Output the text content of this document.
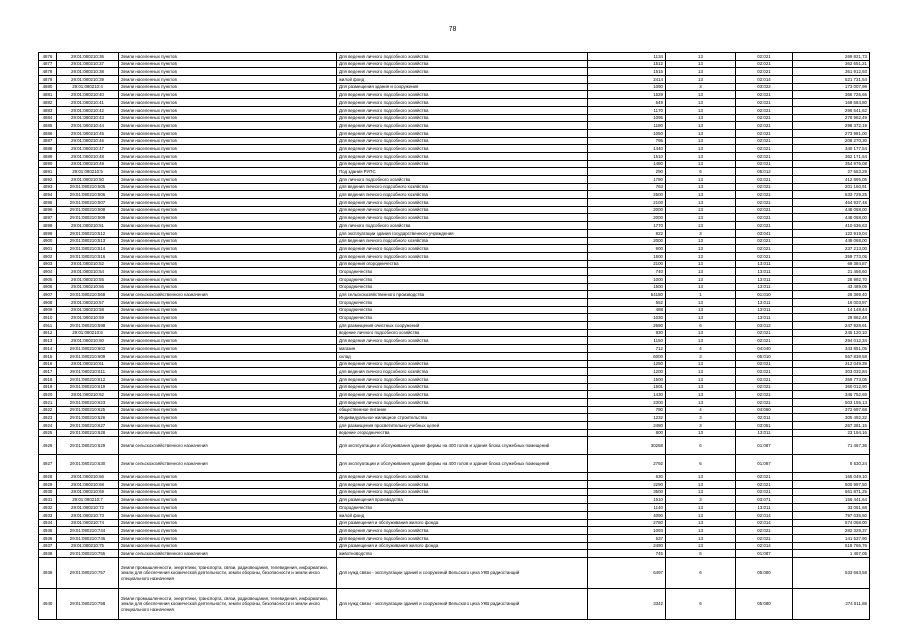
78
4876	29:01:080210:36	Земли населенных пунктов	Для ведения личного подсобного хозяйства	1134	13	02:021	269 821,73
4877	29:01:080210:37	Земли населенных пунктов	Для ведения личного подсобного хозяйства	1512	13	02:021	362 651,21
4878	29:01:080210:38	Земли населенных пунктов	Для ведения личного подсобного хозяйства	1515	13	02:021	361 912,93
4879	29:01:080210:39	Земли населенных пунктов	жилой фонд	2414	13	02:014	521 731,54
4880	29:01:080210:4	Земли населенных пунктов	Для размещения здания и сооружения	1090	3	03:022	173 007,99
4881	29:01:080210:40	Земли населенных пунктов	Для ведения личного подсобного хозяйства	1529	13	02:021	366 726,66
4882	29:01:080210:41	Земли населенных пунктов	Для ведения личного подсобного хозяйства	649	13	02:021	168 684,80
4883	29:01:080210:42	Земли населенных пунктов	Для ведения личного подсобного хозяйства	1170	13	02:021	296 641,62
4884	29:01:080210:43	Земли населенных пунктов	Для ведения личного подсобного хозяйства	1095	13	02:021	278 962,49
4885	29:01:080210:44	Земли населенных пунктов	Для ведения личного подсобного хозяйства	1180	13	02:021	298 372,19
4886	29:01:080210:45	Земли населенных пунктов	Для ведения личного подсобного хозяйства	1050	13	02:021	273 981,00
4887	29:01:080210:46	Земли населенных пунктов	Для ведения личного подсобного хозяйства	795	13	02:021	208 270,30
4888	29:01:080210:47	Земли населенных пунктов	Для ведения личного подсобного хозяйства	1440	13	02:021	340 177,54
4889	29:01:080210:48	Земли населенных пунктов	Для ведения личного подсобного хозяйства	1510	13	02:021	362 171,54
4890	29:01:080210:49	Земли населенных пунктов	Для ведения личного подсобного хозяйства	1480	13	02:021	354 976,08
4891	29:01:080210:5	Земли населенных пунктов	Под здания РУПС	290	6	05:012	27 553,29
4892	29:01:080210:50	Земли населенных пунктов	Для личного подсобного хозяйства	1780	13	02:021	412 895,05
4893	29:01:080210:505	Земли населенных пунктов	для ведения личного подсобного хозяйства	763	13	02:021	201 160,91
4894	29:01:080210:506	Земли населенных пунктов	для ведения личного подсобного хозяйства	2500	13	02:021	533 729,25
4895	29:01:080210:507	Земли населенных пунктов	Для ведения личного подсобного хозяйства	2100	13	02:021	464 937,48
4896	29:01:080210:508	Земли населенных пунктов	Для ведения личного подсобного хозяйства	2000	13	02:021	448 068,00
4897	29:01:080210:509	Земли населенных пунктов	Для ведения личного подсобного хозяйства	2000	13	02:021	448 068,00
4898	29:01:080210:51	Земли населенных пунктов	Для личного подсобного хозяйства	1770	13	02:021	410 636,63
4899	29:01:080210:512	Земли населенных пунктов	для эксплуатации здания государственного учреждения	822	3	03:041	122 919,04
4900	29:01:080210:513	Земли населенных пунктов	для ведения личного подсобного хозяйства	2000	13	02:021	448 068,00
4901	29:01:080210:514	Земли населенных пунктов	Для ведения личного подсобного хозяйства	900	13	02:021	237 213,00
4902	29:01:080210:516	Земли населенных пунктов	Для ведения личного подсобного хозяйства	1500	13	02:021	359 773,05
4903	29:01:080210:52	Земли населенных пунктов	Для ведения огородничества	2100	13	13:011	69 384,87
4904	29:01:080210:54	Земли населенных пунктов	Огородничество	740	13	13:011	21 456,60
4905	29:01:080210:55	Земли населенных пунктов	Огородничество	1000	13	13:011	28 992,70
4906	29:01:080210:56	Земли населенных пунктов	Огородничество	1500	13	13:011	43 489,05
4907	29:01:080210:568	Земли сельскохозяйственного назначения	для сельскохозяйственного производства	54180	1	01:010	26 369,40
4908	29:01:080210:57	Земли населенных пунктов	Огородничество	552	13	13:011	16 003,97
4909	29:01:080210:58	Земли населенных пунктов	Огородничество	488	13	13:011	14 148,44
4910	29:01:080210:59	Земли населенных пунктов	Огородничество	1030	13	13:011	29 862,48
4911	29:01:080210:598	Земли населенных пунктов	для размещения очистных сооружений	2690	6	03:012	247 928,91
4912	29:01:080210:6	Земли населенных пунктов	ведение личного подсобного хозяйства	930	13	02:021	245 120,10
4913	29:01:080210:60	Земли населенных пунктов	Для ведения личного подсобного хозяйства	1150	13	02:021	294 012,34
4914	29:01:080210:602	Земли населенных пунктов	магазин	712	4	04:040	343 851,05
4915	29:01:080210:609	Земли населенных пунктов	склад	6000	3	05:010	567 838,58
4916	29:01:080210:61	Земли населенных пунктов	Для ведения личного подсобного хозяйства	1250	13	02:021	312 049,39
4917	29:01:080210:611	Земли населенных пунктов	для ведения личного подсобного хозяйства	1200	13	02:021	303 032,84
4918	29:01:080210:612	Земли населенных пунктов	Для ведения личного подсобного хозяйства	1500	13	02:021	359 773,05
4919	29:01:080210:619	Земли населенных пунктов	Для ведения личного подсобного хозяйства	1501	13	02:021	360 012,90
4920	29:01:080210:62	Земли населенных пунктов	Для ведения личного подсобного хозяйства	1430	13	02:021	346 752,69
4921	29:01:080210:623	Земли населенных пунктов	Для ведения личного подсобного хозяйства	2300	13	02:021	503 155,13
4922	29:01:080210:625	Земли населенных пунктов	общественное питание	790	4	04:060	372 697,68
4923	29:01:080210:626	Земли населенных пунктов	Индивидуальное жилищное строительство	1232	3	02:011	305 492,32
4924	29:01:080210:627	Земли населенных пунктов	для размещения просветительно-учебных целей	2480	3	03:051	267 381,15
4925	29:01:080210:628	Земли населенных пунктов	ведение огородничества	800	13	13:011	23 194,16
4926	29:01:080210:629	Земли сельскохозяйственного назначения	Для эксплуатации и обслуживания здания фермы на 400 голов и здания блока служебных помещений	30268	6	01:087	71 467,36
4927	29:01:080210:630	Земли сельскохозяйственного назначения	Для эксплуатации и обслуживания здания фермы на 400 голов и здания блока служебных помещений	2792	6	01:087	6 530,24
4928	29:01:080210:66	Земли населенных пунктов	Для ведения личного подсобного хозяйства	630	13	02:021	165 049,10
4929	29:01:080210:68	Земли населенных пунктов	Для ведения личного подсобного хозяйства	2290	13	02:021	500 997,50
4930	29:01:080210:69	Земли населенных пунктов	Для ведения личного подсобного хозяйства	3500	13	02:021	661 871,25
4931	29:01:080210:7	Земли населенных пунктов	Для размещения производства	1510	3	03:071	156 441,64
4932	29:01:080210:72	Земли населенных пунктов	Огородничество	1140	13	13:011	33 051,68
4933	29:01:080210:73	Земли населенных пунктов	жилой фонд	4090	13	02:014	797 035,50
4934	29:01:080210:74	Земли населенных пунктов	Для размещения и обслуживания жилого фонда	2780	13	02:014	574 068,00
4935	29:01:080210:744	Земли населенных пунктов	Для ведения личного подсобного хозяйства	1093	13	02:021	282 329,37
4936	29:01:080210:746	Земли населенных пунктов	Для ведения личного подсобного хозяйства	537	13	02:021	141 537,90
4937	29:01:080210:75	Земли населенных пунктов	Для размещения и обслуживания жилого фонда	2490	13	02:014	518 765,76
4938	29:01:080210:755	Земли сельскохозяйственного назначения	животноводство	745	6	01:087	1 467,05
4939	29:01:080210:757	Земли промышленности, энергетики, транспорта, связи, радиовещания, телевидения, информатики, земли для обеспечения космической деятельности, земли обороны, безопасности и земли иного специального назначения	Для нужд связи - эксплуатации зданий и сооружений Вельского цеха УКВ радиостанций	6497	6	05:080	533 663,58
4940	29:01:080210:758	Земли промышленности, энергетики, транспорта, связи, радиовещания, телевидения, информатики, земли для обеспечения космической деятельности, земли обороны, безопасности и земли иного специального назначения	Для нужд связи - эксплуатации зданий и сооружений Вельского цеха УКВ радиостанций	3342	6	05:080	274 511,88
